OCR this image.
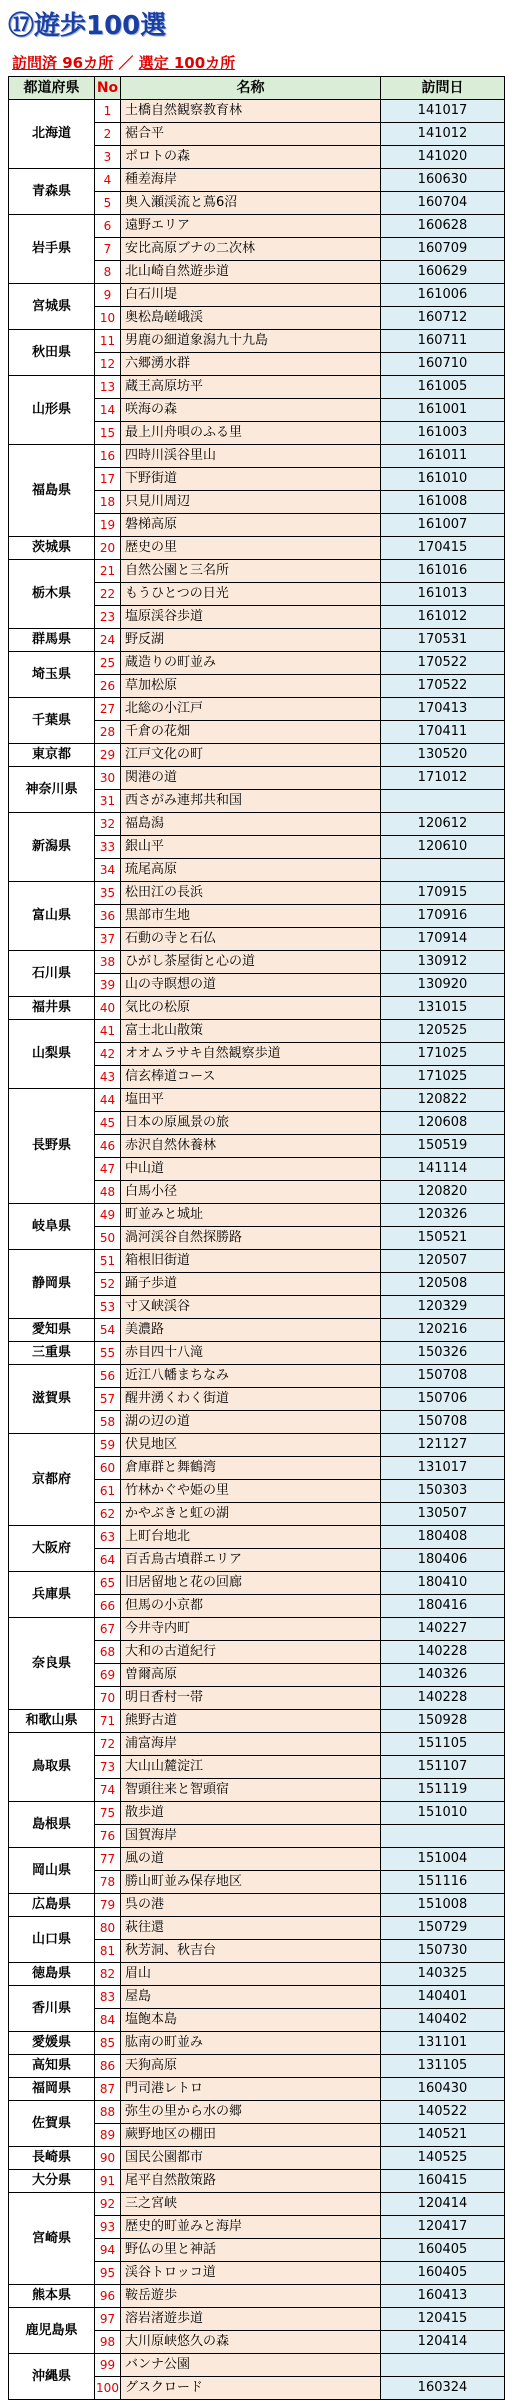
⑰遊歩100選
訪問済 96カ所 ／ 選定 100カ所
都道府県	No	名称	訪問日
北海道	1	土橋自然観察教育林	141017
	2	裾合平	141012
	3	ポロトの森	141020
青森県	4	種差海岸	160630
	5	奥入瀬渓流と蔦6沼	160704
岩手県	6	遠野エリア	160628
	7	安比高原ブナの二次林	160709
	8	北山崎自然遊歩道	160629
宮城県	9	白石川堤	161006
	10	奥松島嵯峨渓	160712
秋田県	11	男鹿の細道象潟九十九島	160711
	12	六郷湧水群	160710
山形県	13	蔵王高原坊平	161005
	14	咲海の森	161001
	15	最上川舟唄のふる里	161003
福島県	16	四時川渓谷里山	161011
	17	下野街道	161010
	18	只見川周辺	161008
	19	磐梯高原	161007
茨城県	20	歴史の里	170415
栃木県	21	自然公園と三名所	161016
	22	もうひとつの日光	161013
	23	塩原渓谷歩道	161012
群馬県	24	野反湖	170531
埼玉県	25	蔵造りの町並み	170522
	26	草加松原	170522
千葉県	27	北総の小江戸	170413
	28	千倉の花畑	170411
東京都	29	江戸文化の町	130520
神奈川県	30	関港の道	171012
	31	西さがみ連邦共和国	
新潟県	32	福島潟	120612
	33	銀山平	120610
	34	琉尾高原	
富山県	35	松田江の長浜	170915
	36	黒部市生地	170916
	37	石動の寺と石仏	170914
石川県	38	ひがし茶屋街と心の道	130912
	39	山の寺瞑想の道	130920
福井県	40	気比の松原	131015
山梨県	41	富士北山散策	120525
	42	オオムラサキ自然観察歩道	171025
	43	信玄棒道コース	171025
長野県	44	塩田平	120822
	45	日本の原風景の旅	120608
	46	赤沢自然休養林	150519
	47	中山道	141114
	48	白馬小径	120820
岐阜県	49	町並みと城址	120326
	50	渦河渓谷自然探勝路	150521
静岡県	51	箱根旧街道	120507
	52	踊子歩道	120508
	53	寸又峡渓谷	120329
愛知県	54	美濃路	120216
三重県	55	赤目四十八滝	150326
滋賀県	56	近江八幡まちなみ	150708
	57	醒井湧くわく街道	150706
	58	湖の辺の道	150708
京都府	59	伏見地区	121127
	60	倉庫群と舞鶴湾	131017
	61	竹林かぐや姫の里	150303
	62	かやぶきと虹の湖	130507
大阪府	63	上町台地北	180408
	64	百舌鳥古墳群エリア	180406
兵庫県	65	旧居留地と花の回廊	180410
	66	但馬の小京都	180416
奈良県	67	今井寺内町	140227
	68	大和の古道紀行	140228
	69	曽爾高原	140326
	70	明日香村一帯	140228
和歌山県	71	熊野古道	150928
鳥取県	72	浦富海岸	151105
	73	大山山麓淀江	151107
	74	智頭往来と智頭宿	151119
島根県	75	散歩道	151010
	76	国賀海岸	
岡山県	77	風の道	151004
	78	勝山町並み保存地区	151116
広島県	79	呉の港	151008
山口県	80	萩往還	150729
	81	秋芳洞、秋吉台	150730
徳島県	82	眉山	140325
香川県	83	屋島	140401
	84	塩飽本島	140402
愛媛県	85	肱南の町並み	131101
高知県	86	天狗高原	131105
福岡県	87	門司港レトロ	160430
佐賀県	88	弥生の里から水の郷	140522
	89	蕨野地区の棚田	140521
長崎県	90	国民公園都市	140525
大分県	91	尾平自然散策路	160415
宮崎県	92	三之宮峡	120414
	93	歴史的町並みと海岸	120417
	94	野仏の里と神話	160405
	95	渓谷トロッコ道	160405
熊本県	96	鞍岳遊歩	160413
鹿児島県	97	溶岩渚遊歩道	120415
	98	大川原峡悠久の森	120414
沖縄県	99	バンナ公園	
	100	グスクロード	160324
